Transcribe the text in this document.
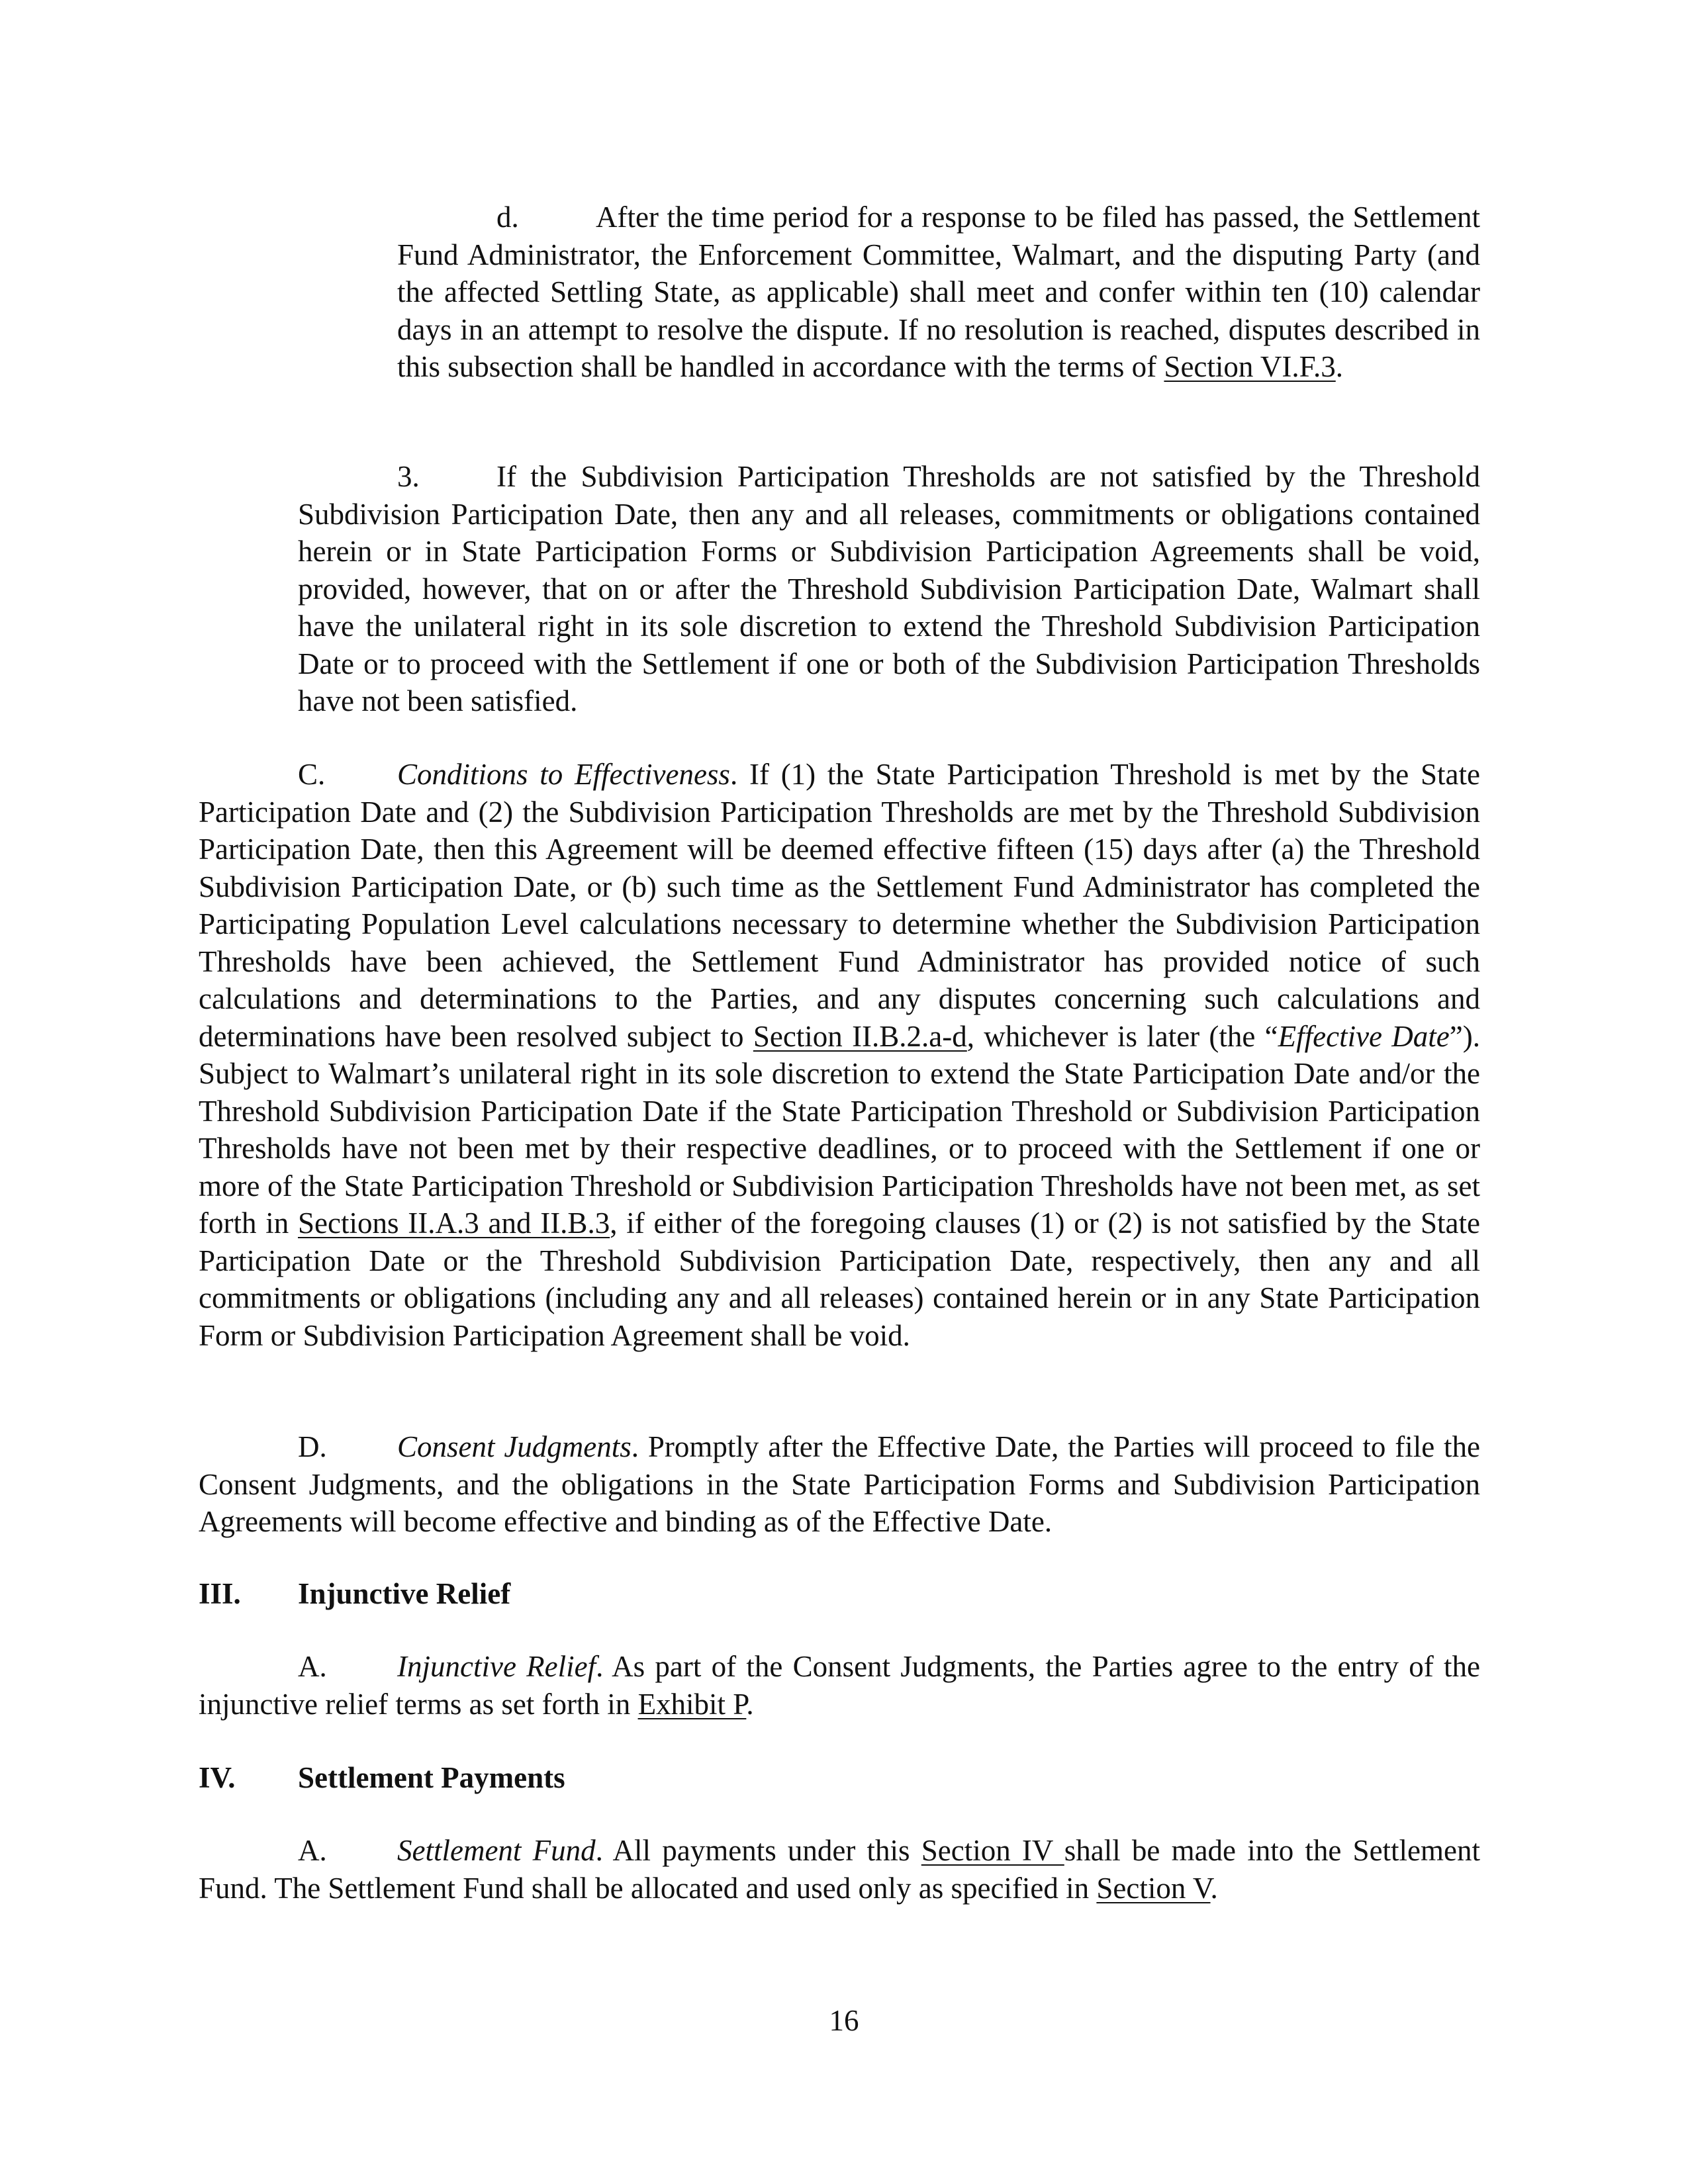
d.	After the time period for a response to be filed has passed, the Settlement Fund Administrator, the Enforcement Committee, Walmart, and the disputing Party (and the affected Settling State, as applicable) shall meet and confer within ten (10) calendar days in an attempt to resolve the dispute. If no resolution is reached, disputes described in this subsection shall be handled in accordance with the terms of Section VI.F.3.

3.	If the Subdivision Participation Thresholds are not satisfied by the Threshold Subdivision Participation Date, then any and all releases, commitments or obligations contained herein or in State Participation Forms or Subdivision Participation Agreements shall be void, provided, however, that on or after the Threshold Subdivision Participation Date, Walmart shall have the unilateral right in its sole discretion to extend the Threshold Subdivision Participation Date or to proceed with the Settlement if one or both of the Subdivision Participation Thresholds have not been satisfied.

C. Conditions to Effectiveness. If (1) the State Participation Threshold is met by the State Participation Date and (2) the Subdivision Participation Thresholds are met by the Threshold Subdivision Participation Date, then this Agreement will be deemed effective fifteen (15) days after (a) the Threshold Subdivision Participation Date, or (b) such time as the Settlement Fund Administrator has completed the Participating Population Level calculations necessary to determine whether the Subdivision Participation Thresholds have been achieved, the Settlement Fund Administrator has provided notice of such calculations and determinations to the Parties, and any disputes concerning such calculations and determinations have been resolved subject to Section II.B.2.a-d, whichever is later (the “Effective Date”). Subject to Walmart’s unilateral right in its sole discretion to extend the State Participation Date and/or the Threshold Subdivision Participation Date if the State Participation Threshold or Subdivision Participation Thresholds have not been met by their respective deadlines, or to proceed with the Settlement if one or more of the State Participation Threshold or Subdivision Participation Thresholds have not been met, as set forth in Sections II.A.3 and II.B.3, if either of the foregoing clauses (1) or (2) is not satisfied by the State Participation Date or the Threshold Subdivision Participation Date, respectively, then any and all commitments or obligations (including any and all releases) contained herein or in any State Participation Form or Subdivision Participation Agreement shall be void.

D. Consent Judgments. Promptly after the Effective Date, the Parties will proceed to file the Consent Judgments, and the obligations in the State Participation Forms and Subdivision Participation Agreements will become effective and binding as of the Effective Date.

III. Injunctive Relief

A. Injunctive Relief. As part of the Consent Judgments, the Parties agree to the entry of the injunctive relief terms as set forth in Exhibit P.

IV. Settlement Payments

A. Settlement Fund. All payments under this Section IV shall be made into the Settlement Fund. The Settlement Fund shall be allocated and used only as specified in Section V.

16
